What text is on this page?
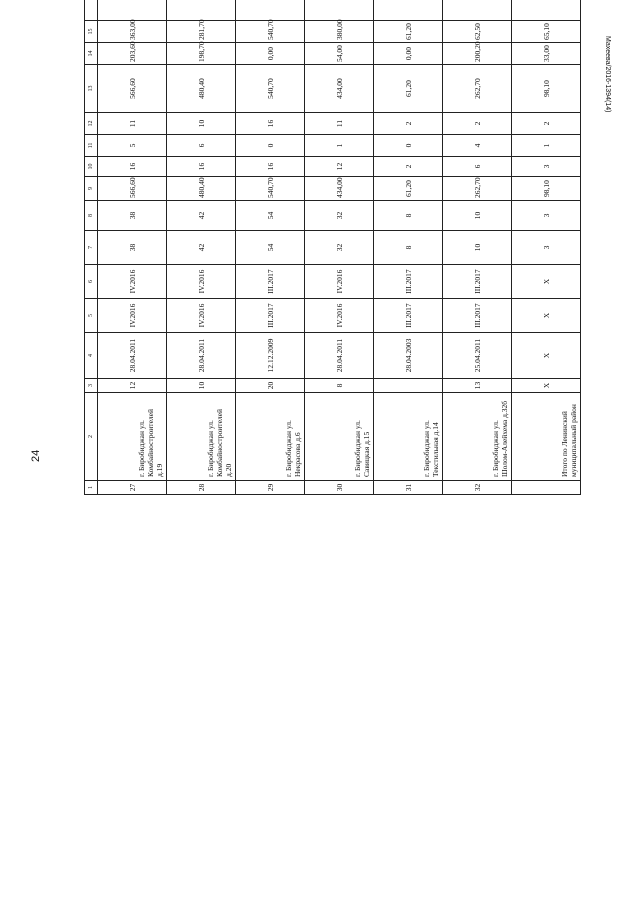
24
Махеева/2016-1394(14)
1	2	3	4	5	6	7	8	9	10	11	12	13	14	15						
27	г. Биробиджан ул. Комбайностроителей д.19	12	28.04.2011	IV.2016	IV.2016	38	38	566,60	16	5	11	566,60	203,60	363,00						
28	г. Биробиджан ул. Комбайностроителей д.20	10	28.04.2011	IV.2016	IV.2016	42	42	480,40	16	6	10	480,40	198,70	281,70						
29	г. Биробиджан ул. Некрасова д.6	20	12.12.2009	III.2017	III.2017	54	54	540,70	16	0	16	540,70	0,00	540,70						
30	г. Биробиджан ул. Савицкая д.15	8	28.04.2011	IV.2016	IV.2016	32	32	434,00	12	1	11	434,00	54,00	380,00						
31	г. Биробиджан ул. Текстильная д.14		28.04.2003	III.2017	III.2017	8	8	61,20	2	0	2	61,20	0,00	61,20						
32	г. Биробиджан ул. Шолом-Алейхема д.32б	13	25.04.2011	III.2017	III.2017	10	10	262,70	6	4	2	262,70	200,20	62,50						
	Итого по Ленинский муниципальный район	X	X	X	X	3	3	98,10	3	1	2	98,10	33,00	65,10						
